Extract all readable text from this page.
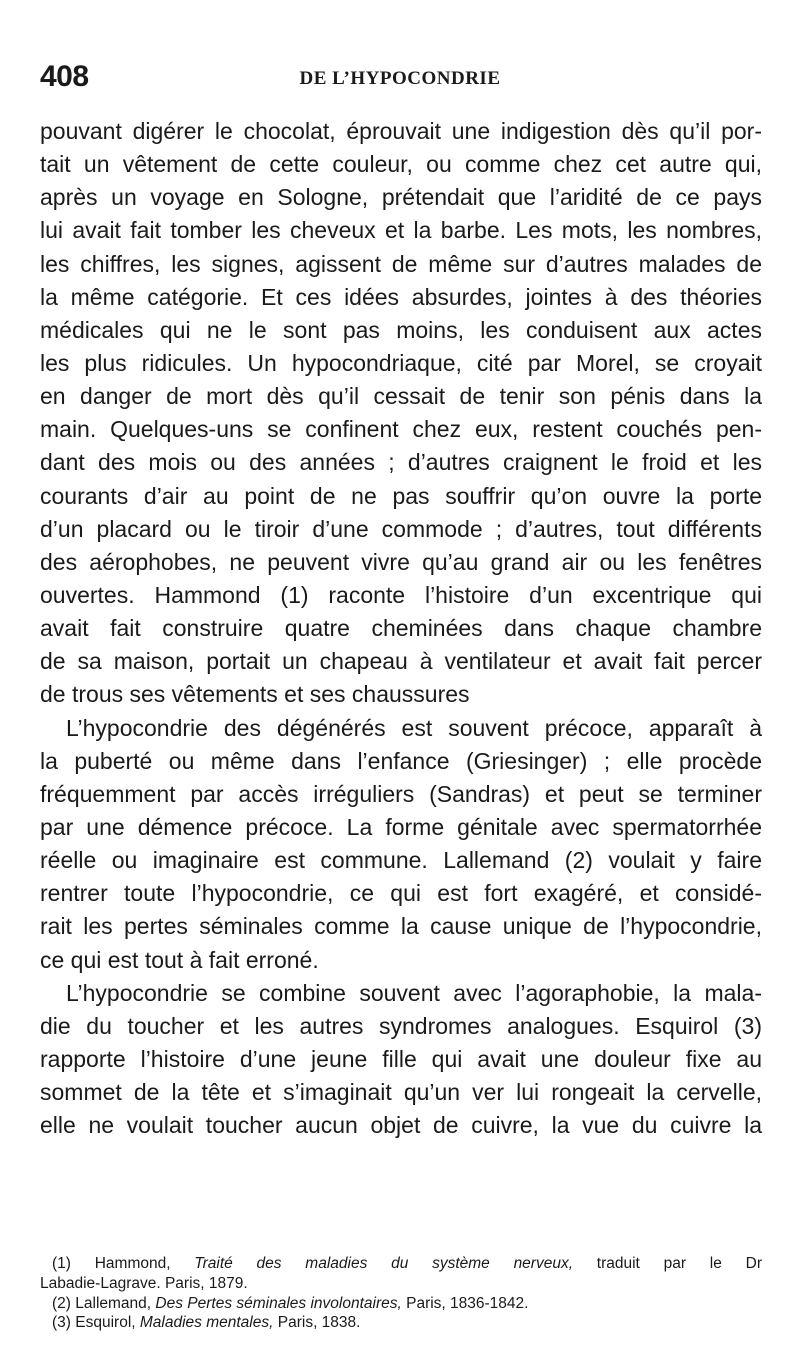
408	DE L’HYPOCONDRIE
pouvant digérer le chocolat, éprouvait une indigestion dès qu’il por-
tait un vêtement de cette couleur, ou comme chez cet autre qui,
après un voyage en Sologne, prétendait que l’aridité de ce pays
lui avait fait tomber les cheveux et la barbe. Les mots, les nombres,
les chiffres, les signes, agissent de même sur d’autres malades de
la même catégorie. Et ces idées absurdes, jointes à des théories
médicales qui ne le sont pas moins, les conduisent aux actes
les plus ridicules. Un hypocondriaque, cité par Morel, se croyait
en danger de mort dès qu’il cessait de tenir son pénis dans la
main. Quelques-uns se confinent chez eux, restent couchés pen-
dant des mois ou des années ; d’autres craignent le froid et les
courants d’air au point de ne pas souffrir qu’on ouvre la porte
d’un placard ou le tiroir d’une commode ; d’autres, tout différents
des aérophobes, ne peuvent vivre qu’au grand air ou les fenêtres
ouvertes. Hammond (1) raconte l’histoire d’un excentrique qui
avait fait construire quatre cheminées dans chaque chambre
de sa maison, portait un chapeau à ventilateur et avait fait percer
de trous ses vêtements et ses chaussures
L’hypocondrie des dégénérés est souvent précoce, apparaît à
la puberté ou même dans l’enfance (Griesinger) ; elle procède
fréquemment par accès irréguliers (Sandras) et peut se terminer
par une démence précoce. La forme génitale avec spermatorrhée
réelle ou imaginaire est commune. Lallemand (2) voulait y faire
rentrer toute l’hypocondrie, ce qui est fort exagéré, et considé-
rait les pertes séminales comme la cause unique de l’hypocondrie,
ce qui est tout à fait erroné.
L’hypocondrie se combine souvent avec l’agoraphobie, la mala-
die du toucher et les autres syndromes analogues. Esquirol (3)
rapporte l’histoire d’une jeune fille qui avait une douleur fixe au
sommet de la tête et s’imaginait qu’un ver lui rongeait la cervelle,
elle ne voulait toucher aucun objet de cuivre, la vue du cuivre la
(1) Hammond, Traité des maladies du système nerveux, traduit par le Dr
Labadie-Lagrave. Paris, 1879.
(2) Lallemand, Des Pertes séminales involontaires, Paris, 1836-1842.
(3) Esquirol, Maladies mentales, Paris, 1838.
